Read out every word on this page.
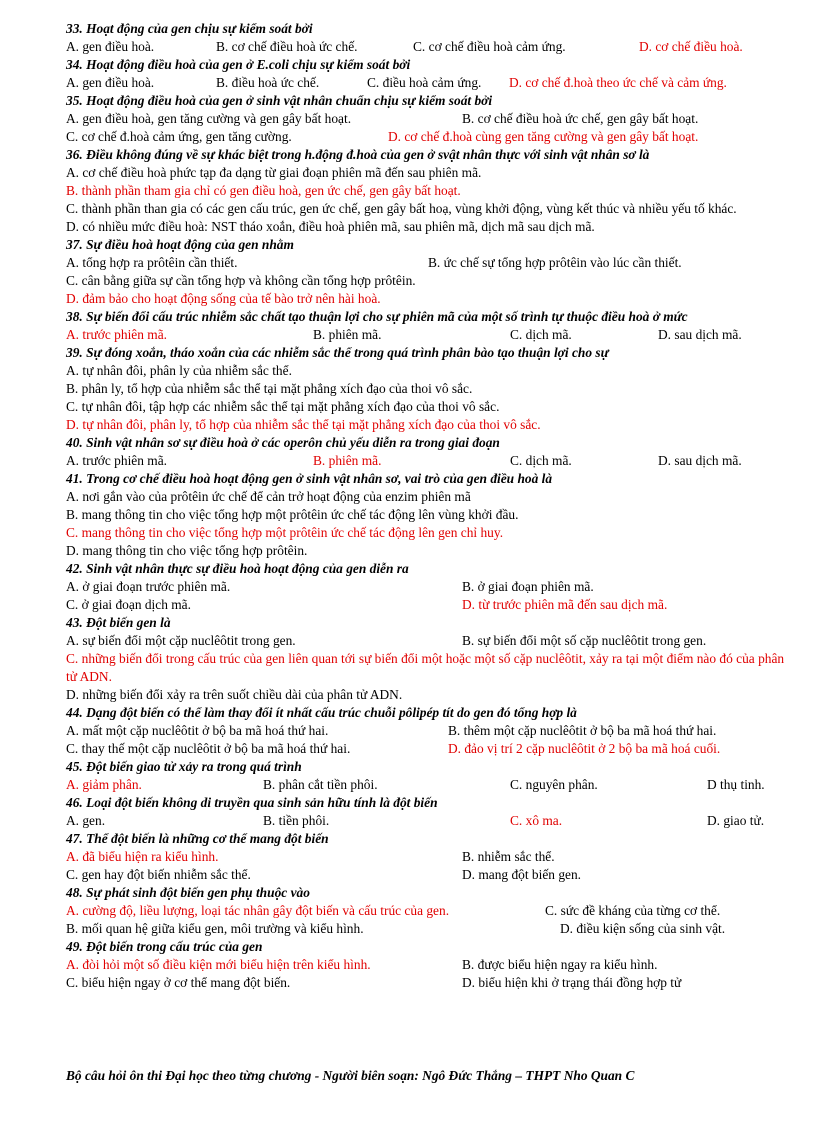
33. Hoạt động của gen chịu sự kiểm soát bởi
A. gen điều hoà.	B. cơ chế điều hoà ức chế.	C. cơ chế điều hoà cảm ứng.	D. cơ chế điều hoà.
34. Hoạt động điều hoà của gen ở E.coli chịu sự kiểm soát bởi
A. gen điều hoà.	B. điều hoà ức chế.	C. điều hoà cảm ứng. D. cơ chế đ.hoà theo ức chế và cảm ứng.
35. Hoạt động điều hoà của gen ở sinh vật nhân chuẩn chịu sự kiểm soát bởi
A. gen điều hoà, gen tăng cường và gen gây bất hoạt.	B. cơ chế điều hoà ức chế, gen gây bất hoạt.
C. cơ chế đ.hoà cảm ứng, gen tăng cường.	D. cơ chế đ.hoà cùng gen tăng cường và gen gây bất hoạt.
36. Điều không đúng về sự khác biệt trong h.động đ.hoà của gen ở svật nhân thực với sinh vật nhân sơ là
A. cơ chế điều hoà phức tạp đa dạng từ giai đoạn phiên mã đến sau phiên mã.
B. thành phần tham gia chỉ có gen điều hoà, gen ức chế, gen gây bất hoạt.
C. thành phần than gia có các gen cấu trúc, gen ức chế, gen gây bất hoạ, vùng khởi động, vùng kết thúc và nhiều yếu tố khác.
D. có nhiều mức điều hoà: NST tháo xoắn, điều hoà phiên mã, sau phiên mã, dịch mã sau dịch mã.
37. Sự điều hoà hoạt động của gen nhằm
A. tổng hợp ra prôtêin cần thiết.	B. ức chế sự tổng hợp prôtêin vào lúc cần thiết.
C. cân bằng giữa sự cần tổng hợp và không cần tổng hợp prôtêin.
D. đảm bảo cho hoạt động sống của tế bào trở nên hài hoà.
38. Sự biến đổi cấu trúc nhiễm sắc chất tạo thuận lợi cho sự phiên mã của một số trình tự thuộc điều hoà ở mức
A. trước phiên mã.	B. phiên mã.	C. dịch mã.	D. sau dịch mã.
39. Sự đóng xoắn, tháo xoắn của các nhiễm sắc thể trong quá trình phân bào tạo thuận lợi cho sự
A. tự nhân đôi, phân ly của nhiễm sắc thể.
B. phân ly, tổ hợp của nhiễm sắc thể tại mặt phẳng xích đạo của thoi vô sắc.
C. tự nhân đôi, tập hợp các nhiễm sắc thể tại mặt phẳng xích đạo của thoi vô sắc.
D. tự nhân đôi, phân ly, tổ hợp của nhiễm sắc thể tại mặt phẳng xích đạo của thoi vô sắc.
40. Sinh vật nhân sơ sự điều hoà ở các operôn chủ yếu diễn ra trong giai đoạn
A. trước phiên mã.	B. phiên mã.	C. dịch mã.	D. sau dịch mã.
41. Trong cơ chế điều hoà hoạt động gen ở sinh vật nhân sơ, vai trò của gen điều hoà là
A. nơi gắn vào của prôtêin ức chế để cản trở hoạt động của enzim phiên mã
B. mang thông tin cho việc tổng hợp một prôtêin ức chế tác động lên vùng khởi đầu.
C. mang thông tin cho việc tổng hợp một prôtêin ức chế tác động lên gen chỉ huy.
D. mang thông tin cho việc tổng hợp prôtêin.
42. Sinh vật nhân thực sự điều hoà hoạt động của gen diễn ra
A. ở giai đoạn trước phiên mã.	B. ở giai đoạn phiên mã.
C. ở giai đoạn dịch mã.	D. từ trước phiên mã đến sau dịch mã.
43. Đột biến gen là
A. sự biến đổi một cặp nuclêôtit trong gen.	B. sự biến đổi một số cặp nuclêôtit trong gen.
C. những biến đổi trong cấu trúc của gen liên quan tới sự biến đổi một hoặc một số cặp nuclêôtit, xảy ra tại một điểm nào đó của phân tử ADN.
D. những biến đổi xảy ra trên suốt chiều dài của phân tử ADN.
44. Dạng đột biến có thể làm thay đổi ít nhất cấu trúc chuỗi pôlipép tít do gen đó tổng hợp là
A. mất một cặp nuclêôtit ở bộ ba mã hoá thứ hai.	B. thêm một cặp nuclêôtit ở bộ ba mã hoá thứ hai.
C. thay thế một cặp nuclêôtit ở bộ ba mã hoá thứ hai.	D. đảo vị trí 2 cặp nuclêôtit ở 2 bộ ba mã hoá cuối.
45. Đột biến giao tử xảy ra trong quá trình
A. giảm phân.	B. phân cắt tiền phôi.	C. nguyên phân.	D thụ tinh.
46. Loại đột biến không di truyền qua sinh sản hữu tính là đột biến
A. gen.	B. tiền phôi.	C. xô ma.	D. giao tử.
47. Thể đột biến là những cơ thể mang đột biến
A. đã biểu hiện ra kiểu hình.	B. nhiễm sắc thể.
C. gen hay đột biến nhiễm sắc thể.	D. mang đột biến gen.
48. Sự phát sinh đột biến gen phụ thuộc vào
A. cường độ, liều lượng, loại tác nhân gây đột biến và cấu trúc của gen.	C. sức đề kháng của từng cơ thể.
B. mối quan hệ giữa kiểu gen, môi trường và kiểu hình.	D. điều kiện sống của sinh vật.
49. Đột biến trong cấu trúc của gen
A. đòi hỏi một số điều kiện mới biểu hiện trên kiểu hình.	B. được biểu hiện ngay ra kiểu hình.
C. biểu hiện ngay ở cơ thể mang đột biến.	D. biểu hiện khi ở trạng thái đồng hợp tử
Bộ câu hỏi ôn thi Đại học theo từng chương - Người biên soạn: Ngô Đức Thắng – THPT Nho Quan C
